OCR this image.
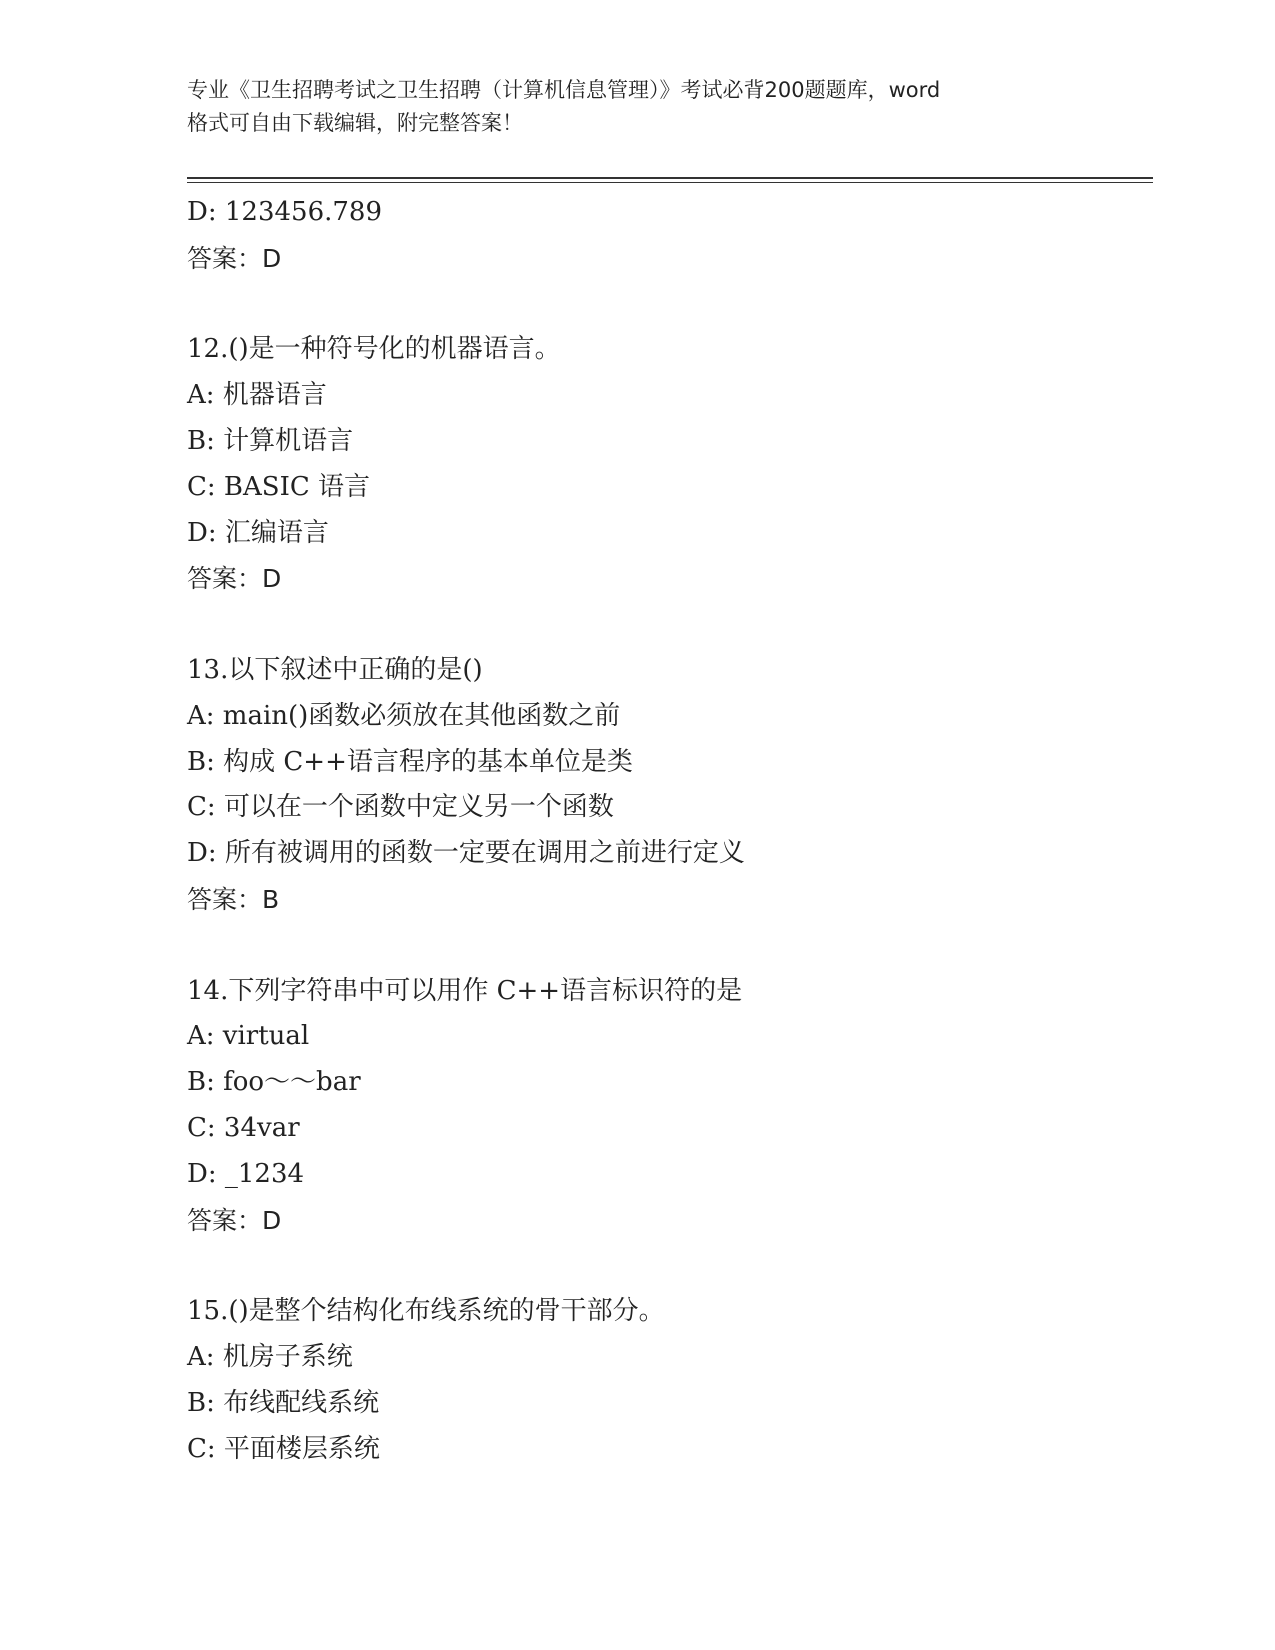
专业《卫生招聘考试之卫生招聘（计算机信息管理）》考试必背200题题库，word
格式可自由下载编辑，附完整答案！
D: 123456.789
答案：D
12.()是一种符号化的机器语言。
A: 机器语言
B: 计算机语言
C: BASIC 语言
D: 汇编语言
答案：D
13.以下叙述中正确的是()
A: main()函数必须放在其他函数之前
B: 构成 C++语言程序的基本单位是类
C: 可以在一个函数中定义另一个函数
D: 所有被调用的函数一定要在调用之前进行定义
答案：B
14.下列字符串中可以用作 C++语言标识符的是
A: virtual
B: foo～～bar
C: 34var
D: _1234
答案：D
15.()是整个结构化布线系统的骨干部分。
A: 机房子系统
B: 布线配线系统
C: 平面楼层系统
